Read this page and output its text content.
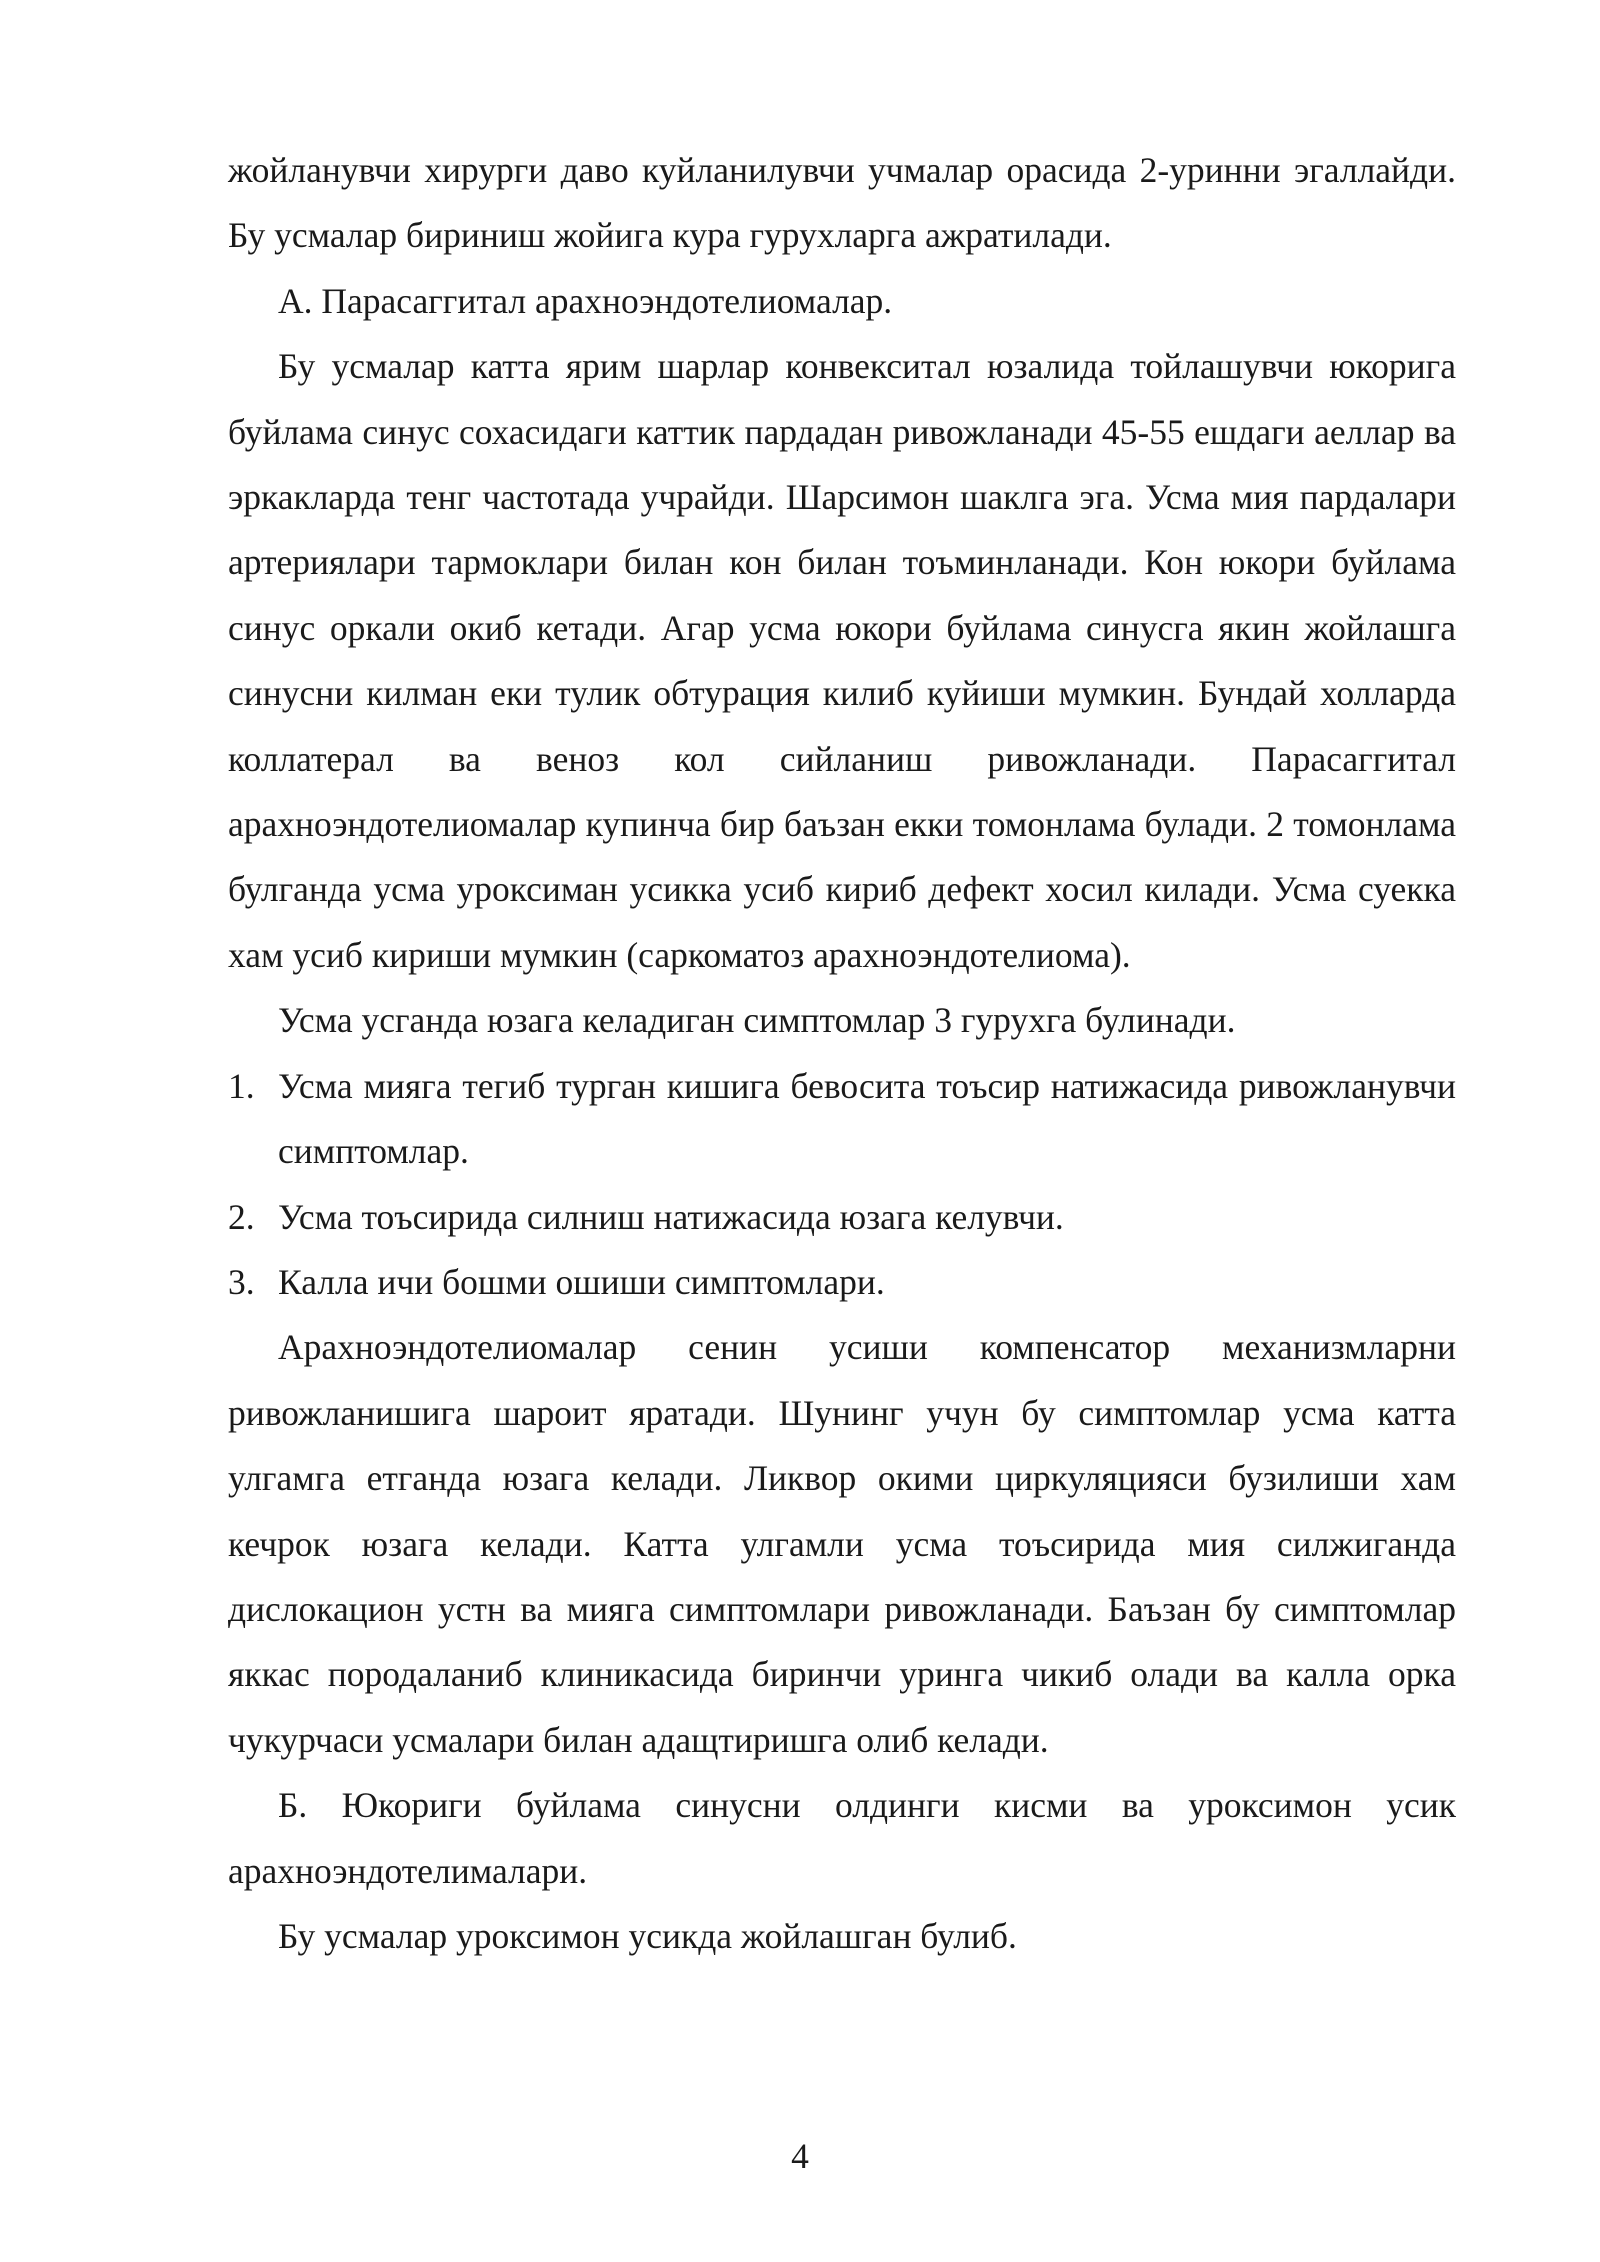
жойланувчи хирурги даво куйланилувчи учмалар орасида 2-уринни эгаллайди. Бу усмалар бириниш жойига кура гурухларга ажратилади.

А. Парасаггитал арахноэндотелиомалар.

Бу усмалар катта ярим шарлар конвекситал юзалида тойлашувчи юкорига буйлама синус сохасидаги каттик пардадан ривожланади 45-55 ешдаги аеллар ва эркакларда тенг частотада учрайди. Шарсимон шаклга эга. Усма мия пардалари артериялари тармоклари билан кон билан тоъминланади. Кон юкори буйлама синус оркали окиб кетади. Агар усма юкори буйлама синусга якин жойлашга синусни килман еки тулик обтурация килиб куйиши мумкин. Бундай холларда коллатерал ва веноз кол сийланиш ривожланади. Парасаггитал арахноэндотелиомалар купинча бир баъзан екки томонлама булади. 2 томонлама булганда усма уроксиман усикка усиб кириб дефект хосил килади. Усма суекка хам усиб кириши мумкин (саркоматоз арахноэндотелиома).

Усма усганда юзага келадиган симптомлар 3 гурухга булинади.

1. Усма мияга тегиб турган кишига бевосита тоъсир натижасида ривожланувчи симптомлар.
2. Усма тоъсирида силниш натижасида юзага келувчи.
3. Калла ичи бошми ошиши симптомлари.

Арахноэндотелиомалар сенин усиши компенсатор механизмларни ривожланишига шароит яратади. Шунинг учун бу симптомлар усма катта улгамга етганда юзага келади. Ликвор окими циркуляцияси бузилиши хам кечрок юзага келади. Катта улгамли усма тоъсирида мия силжиганда дислокацион устн ва мияга симптомлари ривожланади. Баъзан бу симптомлар яккас породаланиб клиникасида биринчи уринга чикиб олади ва калла орка чукурчаси усмалари билан адащтиришга олиб келади.

Б. Юкориги буйлама синусни олдинги кисми ва уроксимон усик арахноэндотелималари.

Бу усмалар уроксимон усикда жойлашган булиб.

4
